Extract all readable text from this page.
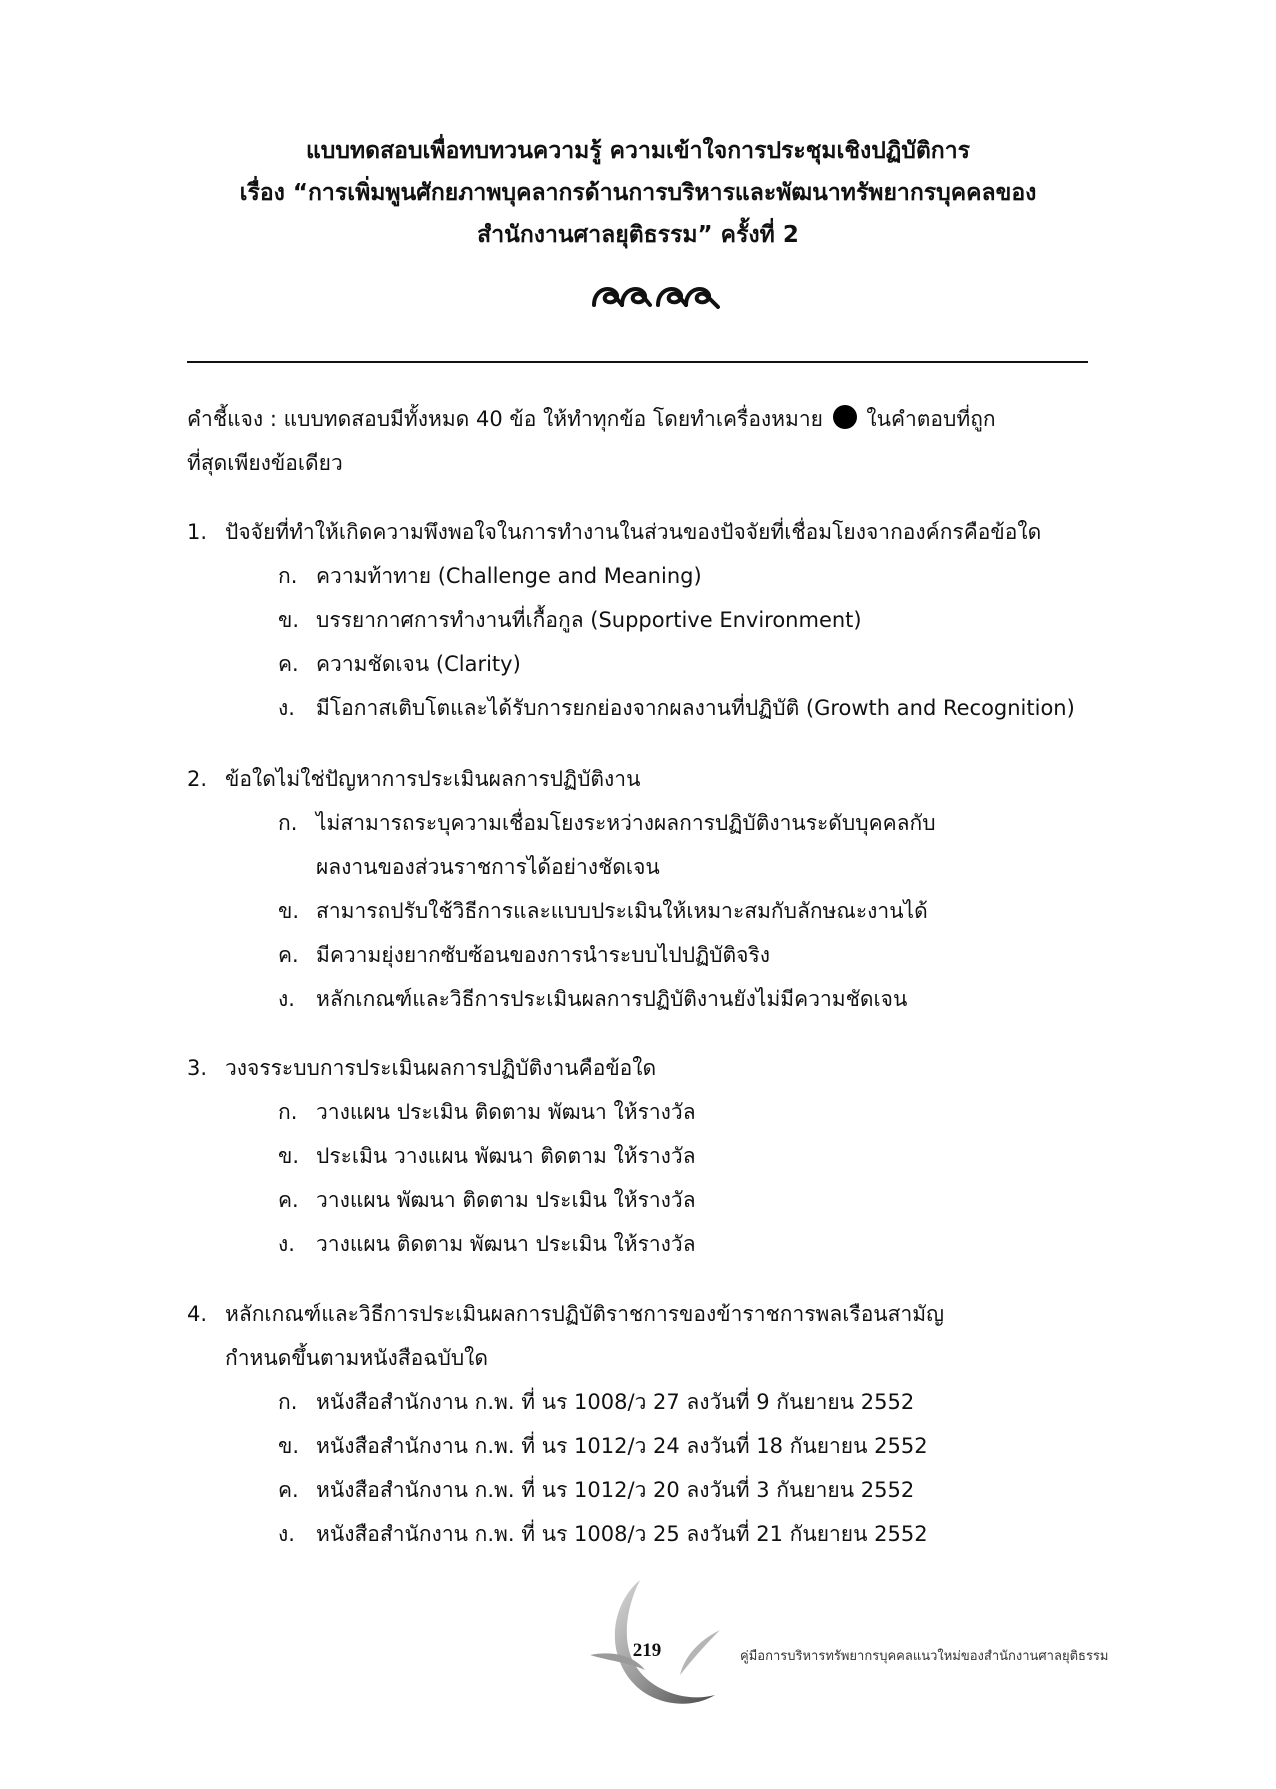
แบบทดสอบเพื่อทบทวนความรู้ ความเข้าใจการประชุมเชิงปฏิบัติการ
เรื่อง “การเพิ่มพูนศักยภาพบุคลากรด้านการบริหารและพัฒนาทรัพยากรบุคคลของ
สำนักงานศาลยุติธรรม” ครั้งที่ 2
คำชี้แจง : แบบทดสอบมีทั้งหมด 40 ข้อ ให้ทำทุกข้อ โดยทำเครื่องหมาย ในคำตอบที่ถูก
ที่สุดเพียงข้อเดียว
1. ปัจจัยที่ทำให้เกิดความพึงพอใจในการทำงานในส่วนของปัจจัยที่เชื่อมโยงจากองค์กรคือข้อใด
ก. ความท้าทาย (Challenge and Meaning)
ข. บรรยากาศการทำงานที่เกื้อกูล (Supportive Environment)
ค. ความชัดเจน (Clarity)
ง. มีโอกาสเติบโตและได้รับการยกย่องจากผลงานที่ปฏิบัติ (Growth and Recognition)
2. ข้อใดไม่ใช่ปัญหาการประเมินผลการปฏิบัติงาน
ก. ไม่สามารถระบุความเชื่อมโยงระหว่างผลการปฏิบัติงานระดับบุคคลกับ
ผลงานของส่วนราชการได้อย่างชัดเจน
ข. สามารถปรับใช้วิธีการและแบบประเมินให้เหมาะสมกับลักษณะงานได้
ค. มีความยุ่งยากซับซ้อนของการนำระบบไปปฏิบัติจริง
ง. หลักเกณฑ์และวิธีการประเมินผลการปฏิบัติงานยังไม่มีความชัดเจน
3. วงจรระบบการประเมินผลการปฏิบัติงานคือข้อใด
ก. วางแผน ประเมิน ติดตาม พัฒนา ให้รางวัล
ข. ประเมิน วางแผน พัฒนา ติดตาม ให้รางวัล
ค. วางแผน พัฒนา ติดตาม ประเมิน ให้รางวัล
ง. วางแผน ติดตาม พัฒนา ประเมิน ให้รางวัล
4. หลักเกณฑ์และวิธีการประเมินผลการปฏิบัติราชการของข้าราชการพลเรือนสามัญ
กำหนดขึ้นตามหนังสือฉบับใด
ก. หนังสือสำนักงาน ก.พ. ที่ นร 1008/ว 27 ลงวันที่ 9 กันยายน 2552
ข. หนังสือสำนักงาน ก.พ. ที่ นร 1012/ว 24 ลงวันที่ 18 กันยายน 2552
ค. หนังสือสำนักงาน ก.พ. ที่ นร 1012/ว 20 ลงวันที่ 3 กันยายน 2552
ง. หนังสือสำนักงาน ก.พ. ที่ นร 1008/ว 25 ลงวันที่ 21 กันยายน 2552
219	คู่มือการบริหารทรัพยากรบุคคลแนวใหม่ของสำนักงานศาลยุติธรรม
